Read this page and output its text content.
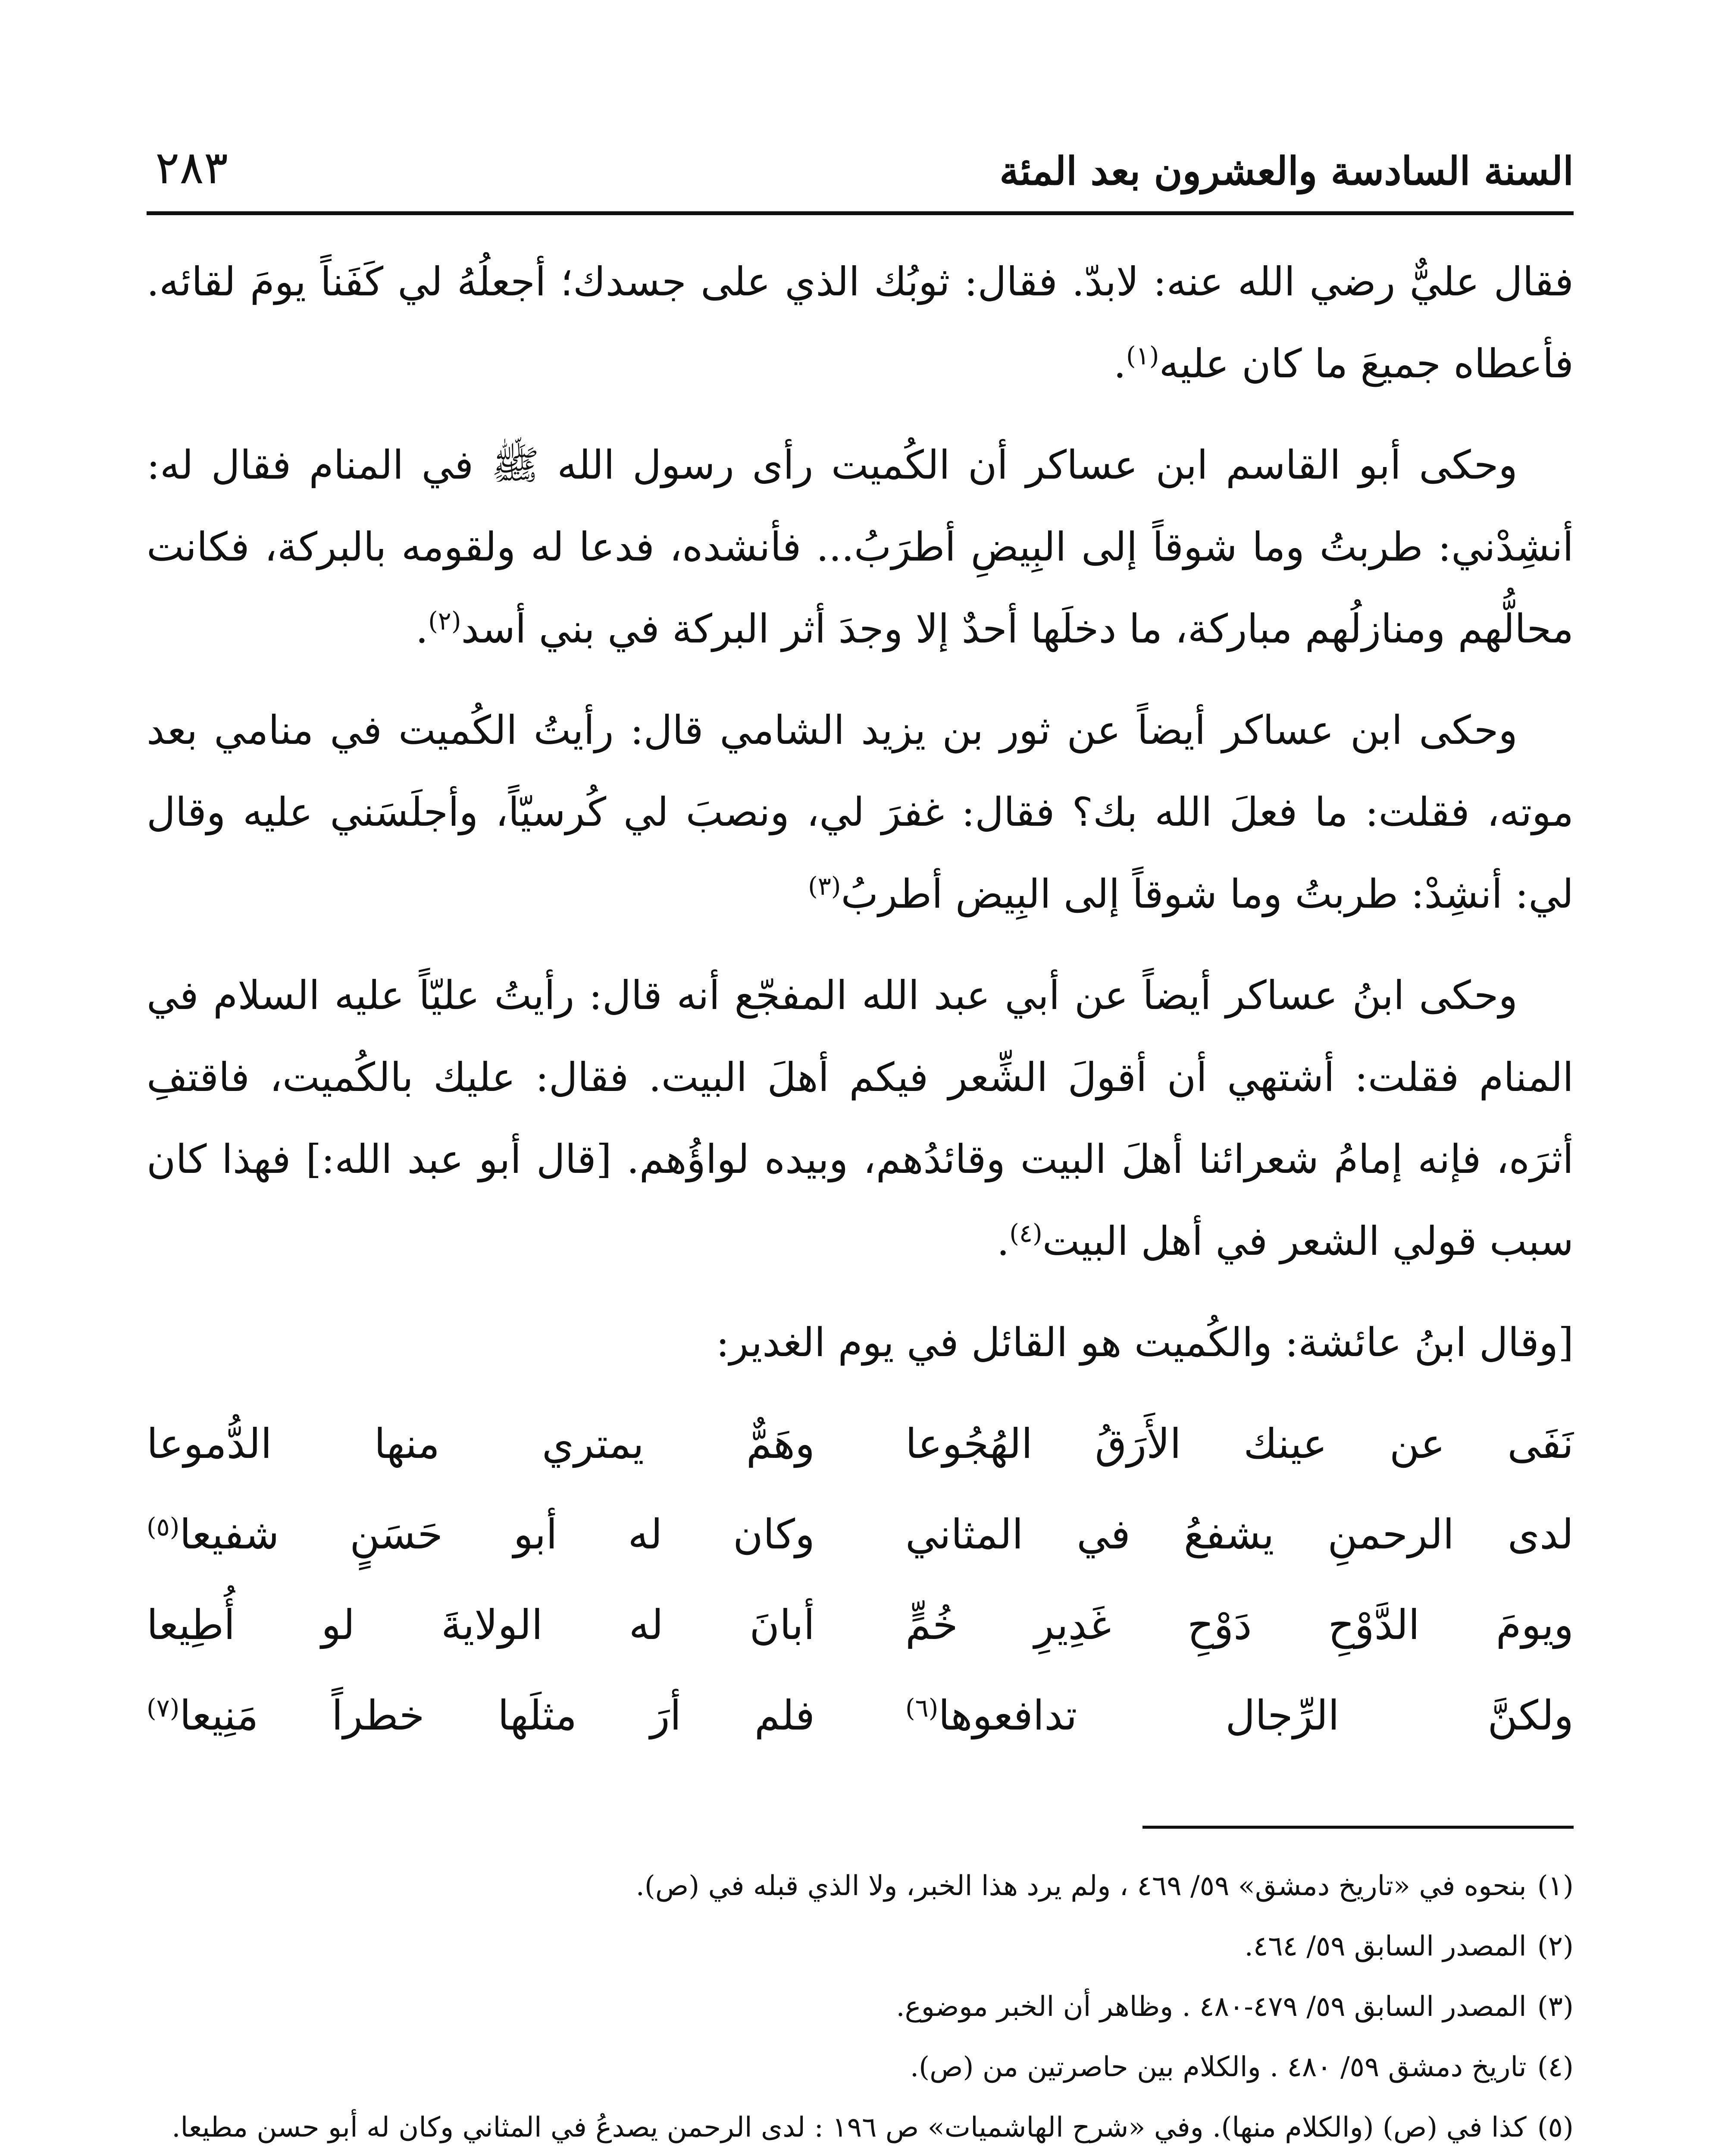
السنة السادسة والعشرون بعد المئة
٢٨٣

فقال عليٌّ رضي الله عنه: لابدّ. فقال: ثوبُك الذي على جسدك؛ أجعلُهُ لي كَفَناً يومَ لقائه. فأعطاه جميعَ ما كان عليه$^{(١)}$.

وحكى أبو القاسم ابن عساكر أن الكُميت رأى رسول الله ﷺ في المنام فقال له: أنشِدْني: طربتُ وما شوقاً إلى البِيضِ أطرَبُ... فأنشده، فدعا له ولقومه بالبركة، فكانت محالُّهم ومنازلُهم مباركة، ما دخلَها أحدٌ إلا وجدَ أثر البركة في بني أسد$^{(٢)}$.

وحكى ابن عساكر أيضاً عن ثور بن يزيد الشامي قال: رأيتُ الكُميت في منامي بعد موته، فقلت: ما فعلَ الله بك؟ فقال: غفرَ لي، ونصبَ لي كُرسيّاً، وأجلَسَني عليه وقال لي: أنشِدْ: طربتُ وما شوقاً إلى البِيض أطربُ$^{(٣)}$

وحكى ابنُ عساكر أيضاً عن أبي عبد الله المفجّع أنه قال: رأيتُ عليّاً عليه السلام في المنام فقلت: أشتهي أن أقولَ الشِّعر فيكم أهلَ البيت. فقال: عليك بالكُميت، فاقتفِ أثرَه، فإنه إمامُ شعرائنا أهلَ البيت وقائدُهم، وبيده لواؤُهم. [قال أبو عبد الله:] فهذا كان سبب قولي الشعر في أهل البيت$^{(٤)}$.

[وقال ابنُ عائشة: والكُميت هو القائل في يوم الغدير:

نَفَى عن عينك الأَرَقُ الهُجُوعا
وهَمٌّ يمتري منها الدُّموعا
لدى الرحمنِ يشفعُ في المثاني
وكان له أبو حَسَنٍ شفيعا$^{(٥)}$
ويومَ الدَّوْحِ دَوْحِ غَدِيرِ خُمٍّ
أبانَ له الولايةَ لو أُطِيعا
ولكنَّ الرِّجال تدافعوها$^{(٦)}$
فلم أرَ مثلَها خطراً مَنِيعا$^{(٧)}$
(١)
بنحوه في «تاريخ دمشق» ٥٩/ ٤٦٩ ، ولم يرد هذا الخبر، ولا الذي قبله في (ص).
(٢)
المصدر السابق ٥٩/ ٤٦٤.
(٣)
المصدر السابق ٥٩/ ٤٧٩-٤٨٠ . وظاهر أن الخبر موضوع.
(٤)
تاريخ دمشق ٥٩/ ٤٨٠ . والكلام بين حاصرتين من (ص).
(٥)
كذا في (ص) (والكلام منها). وفي «شرح الهاشميات» ص ١٩٦ : لدى الرحمن يصدعُ في المثاني وكان له أبو حسن مطيعا.
